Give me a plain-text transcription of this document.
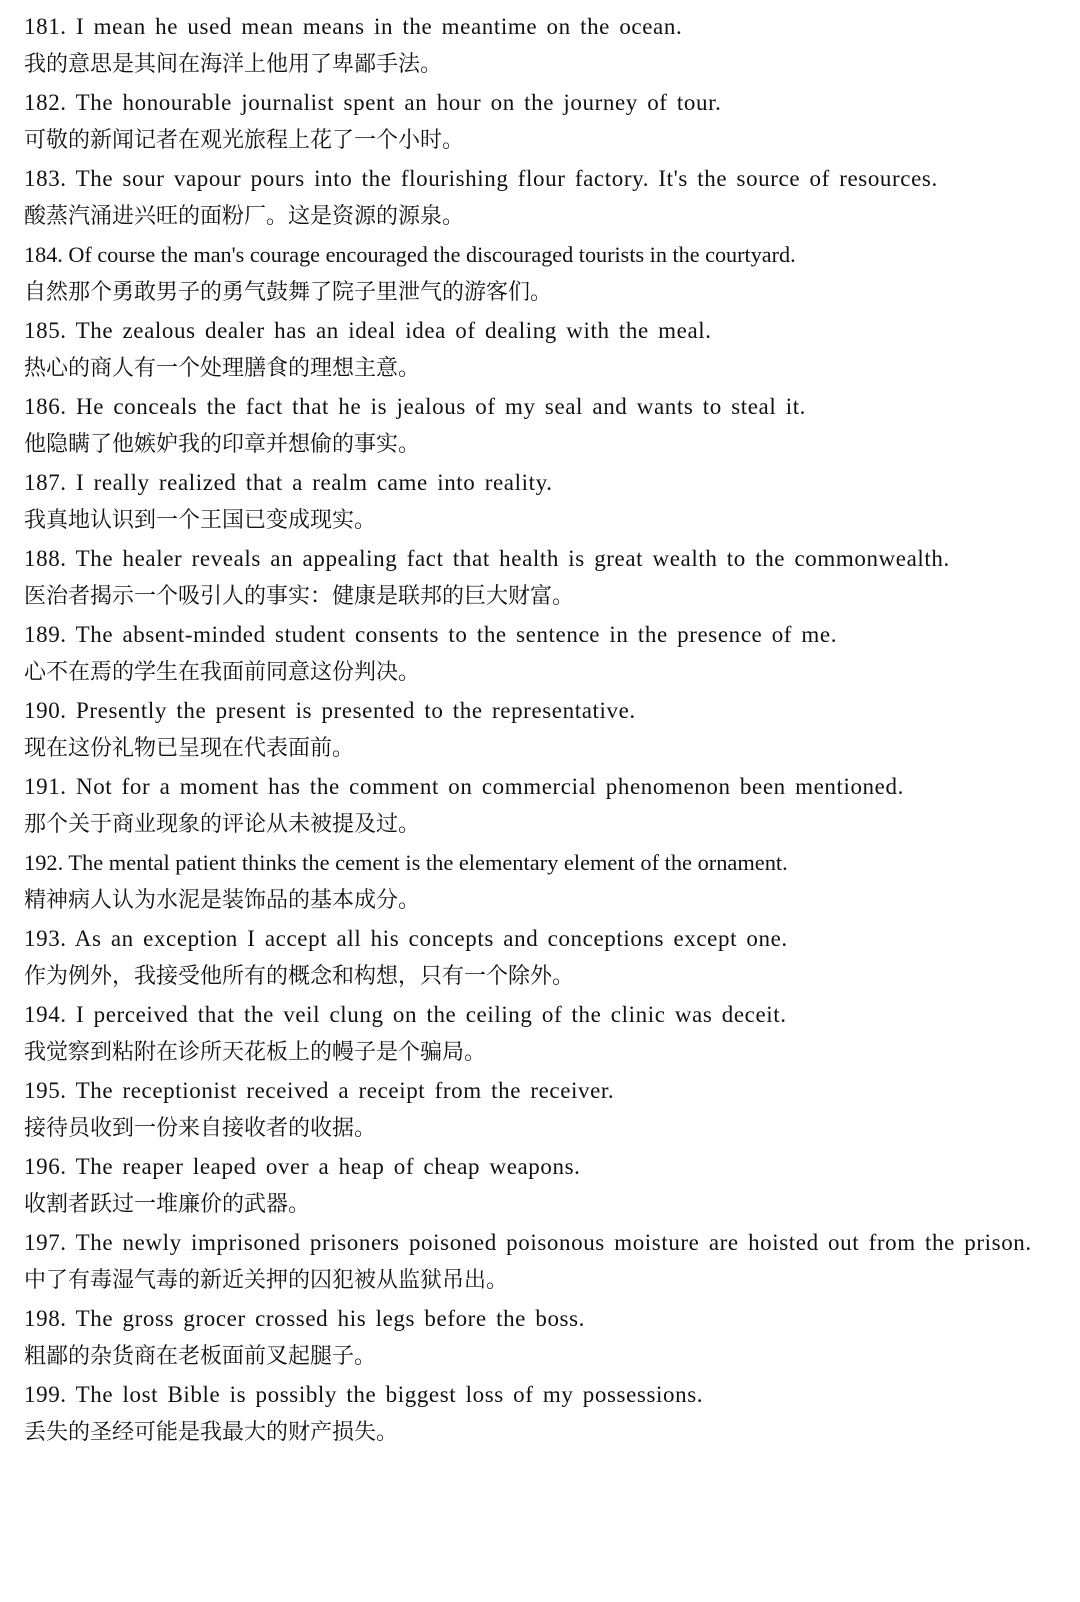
181. I mean he used mean means in the meantime on the ocean.

我的意思是其间在海洋上他用了卑鄙手法。

182. The honourable journalist spent an hour on the journey of tour.

可敬的新闻记者在观光旅程上花了一个小时。

183. The sour vapour pours into the flourishing flour factory. It's the source of resources.

酸蒸汽涌进兴旺的面粉厂。这是资源的源泉。

184. Of course the man's courage encouraged the discouraged tourists in the courtyard.

自然那个勇敢男子的勇气鼓舞了院子里泄气的游客们。

185. The zealous dealer has an ideal idea of dealing with the meal.

热心的商人有一个处理膳食的理想主意。

186. He conceals the fact that he is jealous of my seal and wants to steal it.

他隐瞒了他嫉妒我的印章并想偷的事实。

187. I really realized that a realm came into reality.

我真地认识到一个王国已变成现实。

188. The healer reveals an appealing fact that health is great wealth to the commonwealth.

医治者揭示一个吸引人的事实：健康是联邦的巨大财富。

189. The absent-minded student consents to the sentence in the presence of me.

心不在焉的学生在我面前同意这份判决。

190. Presently the present is presented to the representative.

现在这份礼物已呈现在代表面前。

191. Not for a moment has the comment on commercial phenomenon been mentioned.

那个关于商业现象的评论从未被提及过。

192. The mental patient thinks the cement is the elementary element of the ornament.

精神病人认为水泥是装饰品的基本成分。

193. As an exception I accept all his concepts and conceptions except one.

作为例外，我接受他所有的概念和构想，只有一个除外。

194. I perceived that the veil clung on the ceiling of the clinic was deceit.

我觉察到粘附在诊所天花板上的幔子是个骗局。

195. The receptionist received a receipt from the receiver.

接待员收到一份来自接收者的收据。

196. The reaper leaped over a heap of cheap weapons.

收割者跃过一堆廉价的武器。

197. The newly imprisoned prisoners poisoned poisonous moisture are hoisted out from the prison.

中了有毒湿气毒的新近关押的囚犯被从监狱吊出。

198. The gross grocer crossed his legs before the boss.

粗鄙的杂货商在老板面前叉起腿子。

199. The lost Bible is possibly the biggest loss of my possessions.

丢失的圣经可能是我最大的财产损失。
